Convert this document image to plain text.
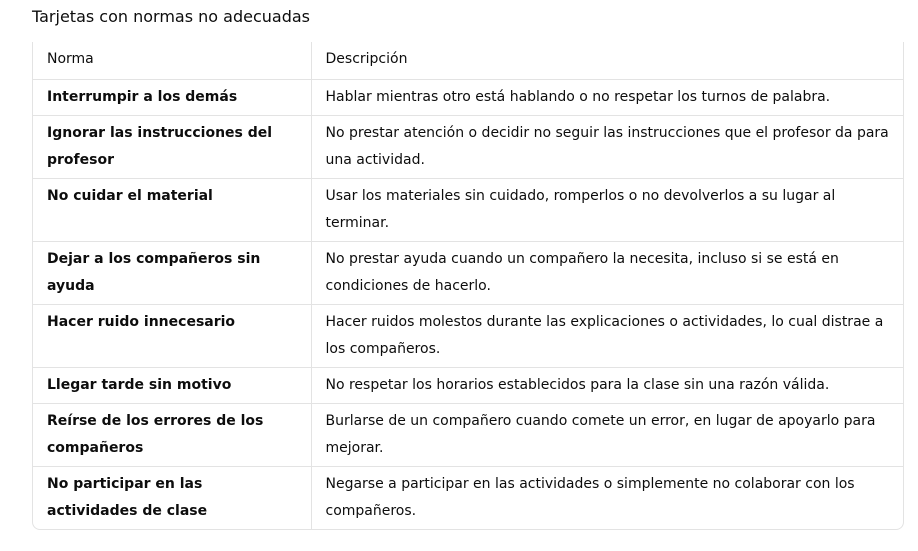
Tarjetas con normas no adecuadas
Norma	Descripción
Interrumpir a los demás	Hablar mientras otro está hablando o no respetar los turnos de palabra.
Ignorar las instrucciones del profesor	No prestar atención o decidir no seguir las instrucciones que el profesor da para una actividad.
No cuidar el material	Usar los materiales sin cuidado, romperlos o no devolverlos a su lugar al terminar.
Dejar a los compañeros sin ayuda	No prestar ayuda cuando un compañero la necesita, incluso si se está en condiciones de hacerlo.
Hacer ruido innecesario	Hacer ruidos molestos durante las explicaciones o actividades, lo cual distrae a los compañeros.
Llegar tarde sin motivo	No respetar los horarios establecidos para la clase sin una razón válida.
Reírse de los errores de los compañeros	Burlarse de un compañero cuando comete un error, en lugar de apoyarlo para mejorar.
No participar en las actividades de clase	Negarse a participar en las actividades o simplemente no colaborar con los compañeros.
